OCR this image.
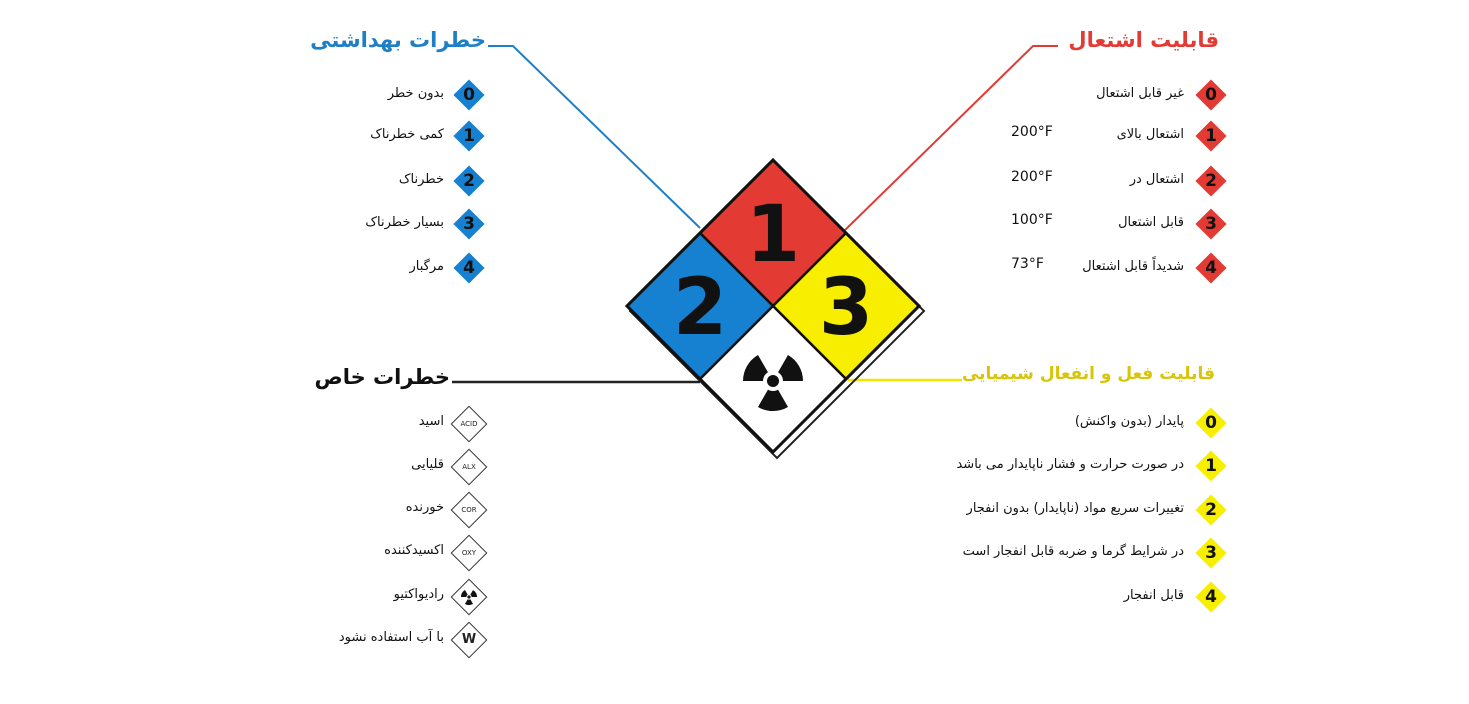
1
2 3
خطرات بهداشتی	قابلیت اشتعال
خطرات خاص	قابلیت فعل و انفعال شیمیایی
0
بدون خطر
1
کمی خطرناک
2
خطرناک
3
بسیار خطرناک
4
مرگبار
0
غیر قابل اشتعال
1
اشتعال بالای
200°F
2
اشتعال در
200°F
3
قابل اشتعال
100°F
4
شدیداً قابل اشتعال
73°F
0
پایدار (بدون واکنش)
1
در صورت حرارت و فشار ناپایدار می باشد
2
تغییرات سریع مواد (ناپایدار) بدون انفجار
3
در شرایط گرما و ضربه قابل انفجار است
4
قابل انفجار
ACID
اسید
ALX
قلیایی
COR
خورنده
OXY
اکسیدکننده
رادیواکتیو
W
با آب استفاده نشود
